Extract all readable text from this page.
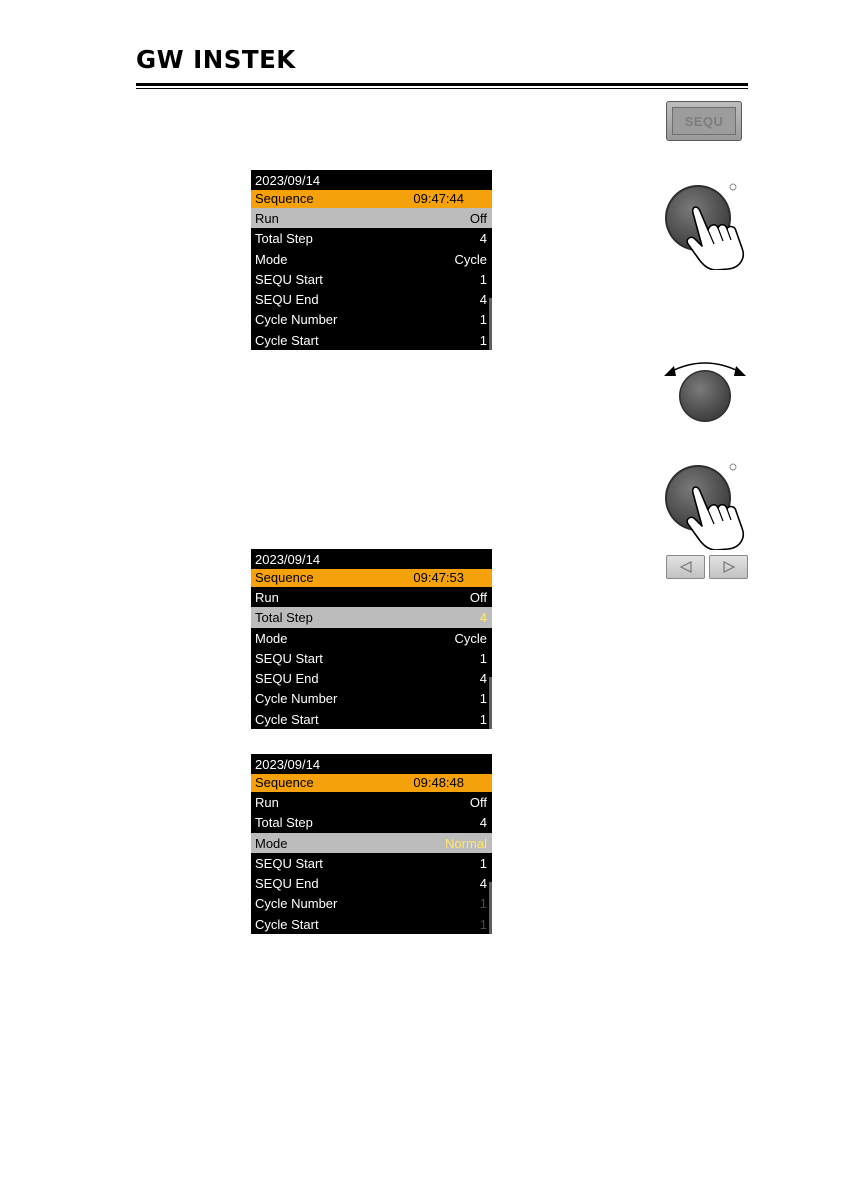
GW INSTEK
SEQU
2023/09/14
Sequence	09:47:44
Run	Off
Total Step	4
Mode	Cycle
SEQU Start	1
SEQU End	4
Cycle Number	1
Cycle Start	1
2023/09/14
Sequence	09:47:53
Run	Off
Total Step	4
Mode	Cycle
SEQU Start	1
SEQU End	4
Cycle Number	1
Cycle Start	1
2023/09/14
Sequence	09:48:48
Run	Off
Total Step	4
Mode	Normal
SEQU Start	1
SEQU End	4
Cycle Number	1
Cycle Start	1
